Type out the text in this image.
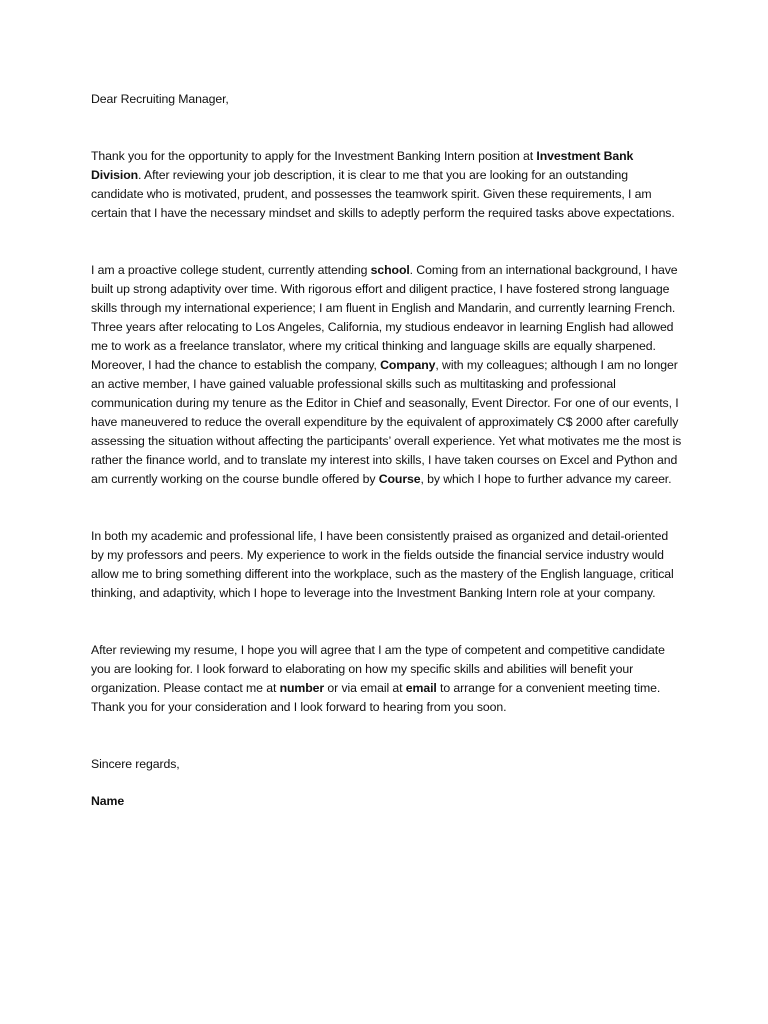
Dear Recruiting Manager,

Thank you for the opportunity to apply for the Investment Banking Intern position at Investment Bank Division. After reviewing your job description, it is clear to me that you are looking for an outstanding candidate who is motivated, prudent, and possesses the teamwork spirit. Given these requirements, I am certain that I have the necessary mindset and skills to adeptly perform the required tasks above expectations.

I am a proactive college student, currently attending school. Coming from an international background, I have built up strong adaptivity over time. With rigorous effort and diligent practice, I have fostered strong language skills through my international experience; I am fluent in English and Mandarin, and currently learning French. Three years after relocating to Los Angeles, California, my studious endeavor in learning English had allowed me to work as a freelance translator, where my critical thinking and language skills are equally sharpened. Moreover, I had the chance to establish the company, Company, with my colleagues; although I am no longer an active member, I have gained valuable professional skills such as multitasking and professional communication during my tenure as the Editor in Chief and seasonally, Event Director. For one of our events, I have maneuvered to reduce the overall expenditure by the equivalent of approximately C$ 2000 after carefully assessing the situation without affecting the participants’ overall experience. Yet what motivates me the most is rather the finance world, and to translate my interest into skills, I have taken courses on Excel and Python and am currently working on the course bundle offered by Course, by which I hope to further advance my career.

In both my academic and professional life, I have been consistently praised as organized and detail-oriented by my professors and peers. My experience to work in the fields outside the financial service industry would allow me to bring something different into the workplace, such as the mastery of the English language, critical thinking, and adaptivity, which I hope to leverage into the Investment Banking Intern role at your company.

After reviewing my resume, I hope you will agree that I am the type of competent and competitive candidate you are looking for. I look forward to elaborating on how my specific skills and abilities will benefit your organization. Please contact me at number or via email at email to arrange for a convenient meeting time. Thank you for your consideration and I look forward to hearing from you soon.

Sincere regards,

Name
